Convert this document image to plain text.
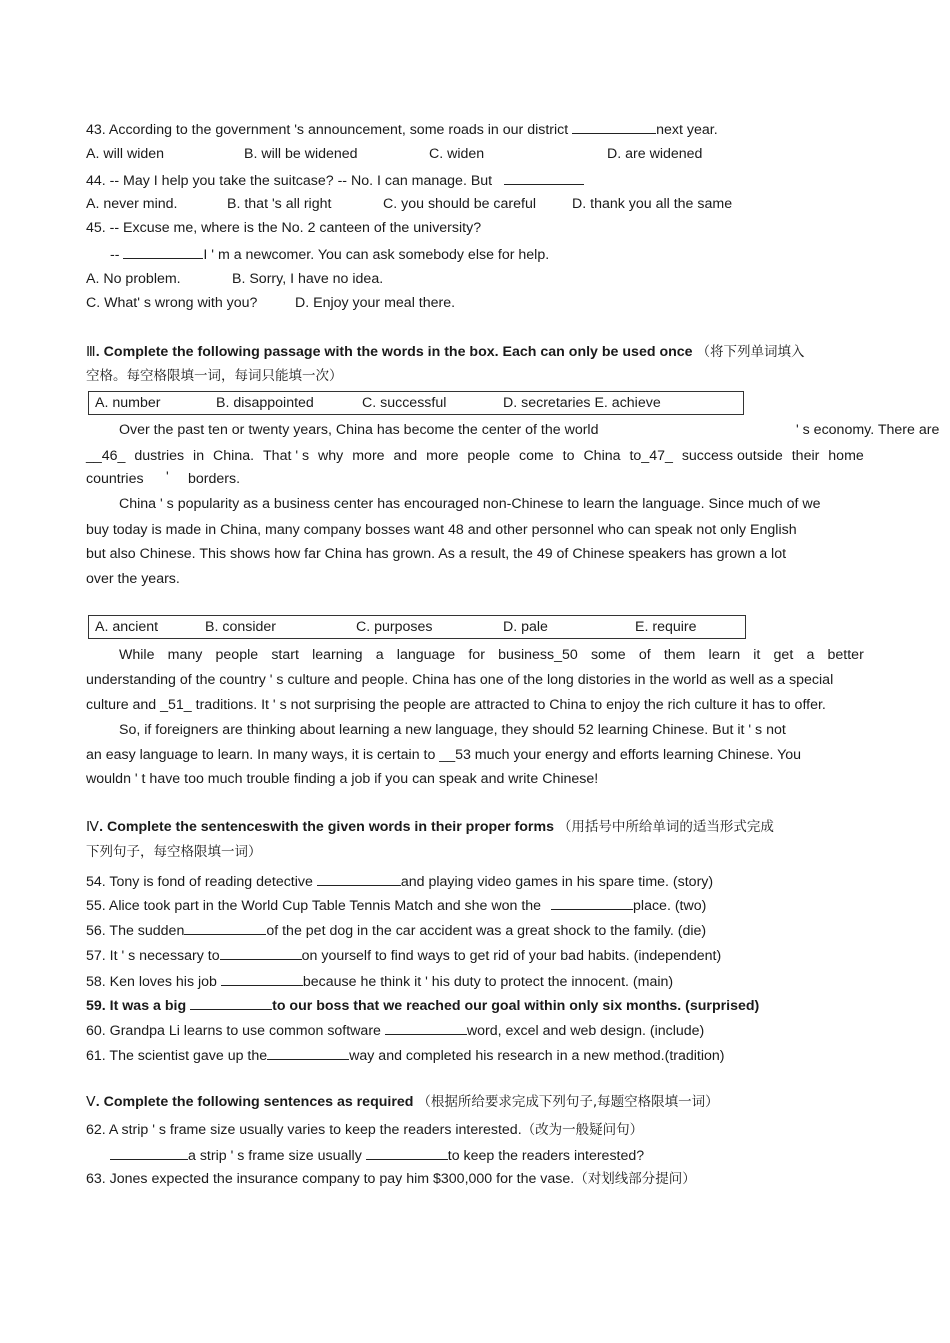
43. According to the government 's announcement, some roads in our district	next year.
A. will widen	B. will be widened	C. widen	D. are widened
44. -- May I help you take the suitcase? -- No. I can manage. But
A. never mind.	B. that 's all right	C. you should be careful	D. thank you all the same
45. -- Excuse me, where is the No. 2 canteen of the university?
--	I ' m a newcomer. You can ask somebody else for help.
A. No problem.	B. Sorry, I have no idea.
C. What' s wrong with you?	D. Enjoy your meal there.
Ⅲ. Complete the following passage with the words in the box. Each can only be used once （将下列单词填入
空格。每空格限填一词，每词只能填一次）
A. number	B. disappointed	C. successful	D. secretaries E. achieve
Over the past ten or twenty years, China has become the center of the world	' s economy. There are
__46_ dustries in China. That ' s why more and more people come to China to_47_ success outside their home
countries ' borders.
China ' s popularity as a business center has encouraged non-Chinese to learn the language. Since much of we
buy today is made in China, many company bosses want 48 and other personnel who can speak not only English
but also Chinese. This shows how far China has grown. As a result, the 49 of Chinese speakers has grown a lot
over the years.
A. ancient	B. consider	C. purposes	D. pale	E. require
While many people start learning a language for business_50 some of them learn it get a better
understanding of the country ' s culture and people. China has one of the long distories in the world as well as a special
culture and _51_ traditions. It ' s not surprising the people are attracted to China to enjoy the rich culture it has to offer.
So, if foreigners are thinking about learning a new language, they should 52 learning Chinese. But it ' s not
an easy language to learn. In many ways, it is certain to __53 much your energy and efforts learning Chinese. You
wouldn ' t have too much trouble finding a job if you can speak and write Chinese!
Ⅳ. Complete the sentenceswith the given words in their proper forms （用括号中所给单词的适当形式完成
下列句子，每空格限填一词）
54. Tony is fond of reading detective	and playing video games in his spare time. (story)
55. Alice took part in the World Cup Table Tennis Match and she won the	place. (two)
56. The sudden	of the pet dog in the car accident was a great shock to the family. (die)
57. It ' s necessary to	on yourself to find ways to get rid of your bad habits. (independent)
58. Ken loves his job	because he think it ' his duty to protect the innocent. (main)
59. It was a big	to our boss that we reached our goal within only six months. (surprised)
60. Grandpa Li learns to use common software	word, excel and web design. (include)
61. The scientist gave up the	way and completed his research in a new method.(tradition)
Ⅴ. Complete the following sentences as required （根据所给要求完成下列句子,每题空格限填一词）
62. A strip ' s frame size usually varies to keep the readers interested.（改为一般疑问句）
a strip ' s frame size usually	to keep the readers interested?
63. Jones expected the insurance company to pay him $300,000 for the vase.（对划线部分提问）
